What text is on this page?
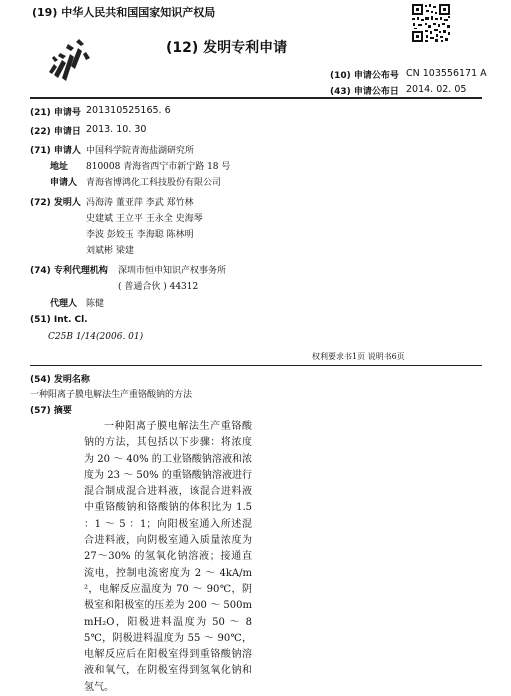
(19) 中华人民共和国国家知识产权局
(12) 发明专利申请
(10) 申请公布号 CN 103556171 A
(43) 申请公布日 2014. 02. 05
(21) 申请号 201310525165. 6
(22) 申请日 2013. 10. 30
(71) 申请人 中国科学院青海盐湖研究所
地址 810008 青海省西宁市新宁路 18 号
申请人 青海省博鸿化工科技股份有限公司
(72) 发明人 冯海涛 董亚萍 李武 郑竹林
史建斌 王立平 王永全 史海琴
李波 彭姣玉 李海聪 陈林明
刘斌彬 梁建
(74) 专利代理机构 深圳市恒申知识产权事务所
( 普通合伙 ) 44312
代理人 陈健
(51) Int. Cl.
C25B 1/14(2006. 01)
权利要求书1页 说明书6页
(54) 发明名称
一种阳离子膜电解法生产重铬酸钠的方法
(57) 摘要
一种阳离子膜电解法生产重铬酸钠的方法，其包括以下步骤：将浓度为 20 ～ 40% 的工业铬酸钠溶液和浓度为 23 ～ 50% 的重铬酸钠溶液进行混合制成混合进料液，该混合进料液中重铬酸钠和铬酸钠的体积比为 1.5 ：1 ～ 5 ：1；向阳极室通入所述混合进料液，向阴极室通入质量浓度为 27～30% 的氢氧化钠溶液；接通直流电，控制电流密度为 2 ～ 4kA/m²，电解反应温度为 70 ～ 90℃，阴极室和阳极室的压差为 200 ～ 500mmH₂O，阳极进料温度为 50 ～ 85℃，阴极进料温度为 55 ～ 90℃，电解反应后在阳极室得到重铬酸钠溶液和氧气，在阴极室得到氢氧化钠和氢气。
